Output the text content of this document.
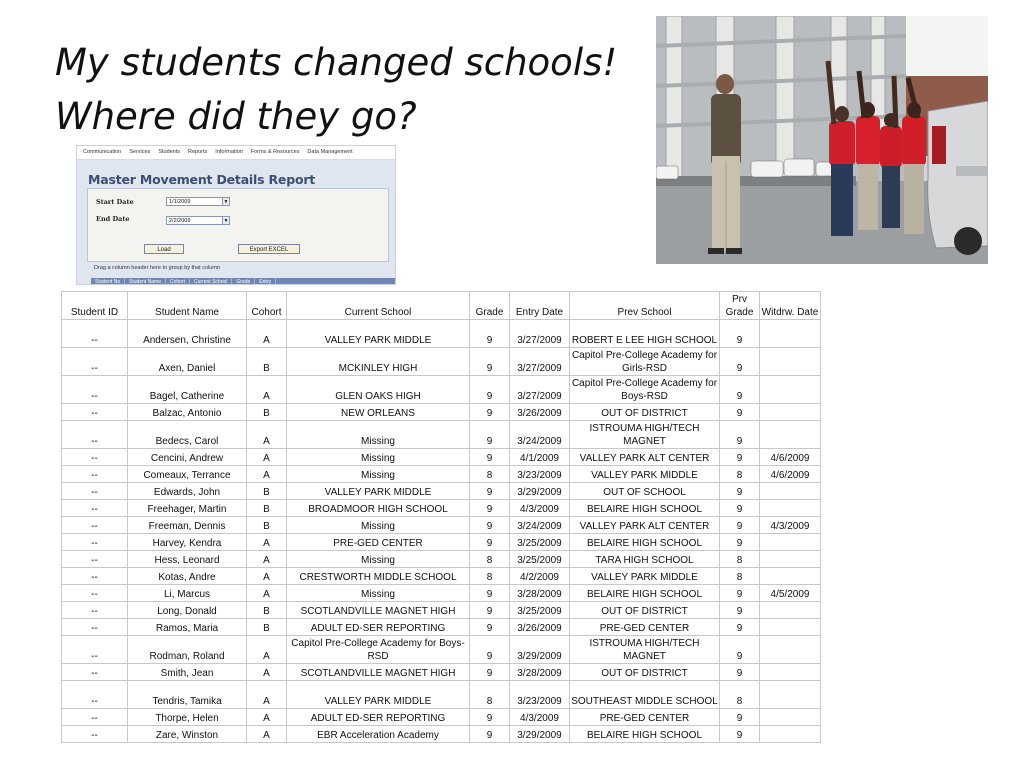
My students changed schools!
Where did they go?
Communication Services Students Reports Information Forms & Resources Data Management
Master Movement Details Report
Start Date	1/1/2009	▼
End Date	2/2/2009	▼
Load	Export EXCEL
Drag a column header here to group by that column
Student No	Student Name	Cohort	Current School	Grade	Entry
Student ID	Student Name	Cohort	Current School	Grade	Entry Date	Prev School	Prv Grade	Witdrw. Date
--	Andersen, Christine	A	VALLEY PARK MIDDLE	9	3/27/2009	ROBERT E LEE HIGH SCHOOL	9	
--	Axen, Daniel	B	MCKINLEY HIGH	9	3/27/2009	Capitol Pre-College Academy for Girls-RSD	9	
--	Bagel, Catherine	A	GLEN OAKS HIGH	9	3/27/2009	Capitol Pre-College Academy for Boys-RSD	9	
--	Balzac, Antonio	B	NEW ORLEANS	9	3/26/2009	OUT OF DISTRICT	9	
--	Bedecs, Carol	A	Missing	9	3/24/2009	ISTROUMA HIGH/TECH MAGNET	9	
--	Cencini, Andrew	A	Missing	9	4/1/2009	VALLEY PARK ALT CENTER	9	4/6/2009
--	Comeaux, Terrance	A	Missing	8	3/23/2009	VALLEY PARK MIDDLE	8	4/6/2009
--	Edwards, John	B	VALLEY PARK MIDDLE	9	3/29/2009	OUT OF SCHOOL	9	
--	Freehager, Martin	B	BROADMOOR HIGH SCHOOL	9	4/3/2009	BELAIRE HIGH SCHOOL	9	
--	Freeman, Dennis	B	Missing	9	3/24/2009	VALLEY PARK ALT CENTER	9	4/3/2009
--	Harvey, Kendra	A	PRE-GED CENTER	9	3/25/2009	BELAIRE HIGH SCHOOL	9	
--	Hess, Leonard	A	Missing	8	3/25/2009	TARA HIGH SCHOOL	8	
--	Kotas, Andre	A	CRESTWORTH MIDDLE SCHOOL	8	4/2/2009	VALLEY PARK MIDDLE	8	
--	Li, Marcus	A	Missing	9	3/28/2009	BELAIRE HIGH SCHOOL	9	4/5/2009
--	Long, Donald	B	SCOTLANDVILLE MAGNET HIGH	9	3/25/2009	OUT OF DISTRICT	9	
--	Ramos, Maria	B	ADULT ED-SER REPORTING	9	3/26/2009	PRE-GED CENTER	9	
--	Rodman, Roland	A	Capitol Pre-College Academy for Boys-RSD	9	3/29/2009	ISTROUMA HIGH/TECH MAGNET	9	
--	Smith, Jean	A	SCOTLANDVILLE MAGNET HIGH	9	3/28/2009	OUT OF DISTRICT	9	
--	Tendris, Tamika	A	VALLEY PARK MIDDLE	8	3/23/2009	SOUTHEAST MIDDLE SCHOOL	8	
--	Thorpe, Helen	A	ADULT ED-SER REPORTING	9	4/3/2009	PRE-GED CENTER	9	
--	Zare, Winston	A	EBR Acceleration Academy	9	3/29/2009	BELAIRE HIGH SCHOOL	9	
